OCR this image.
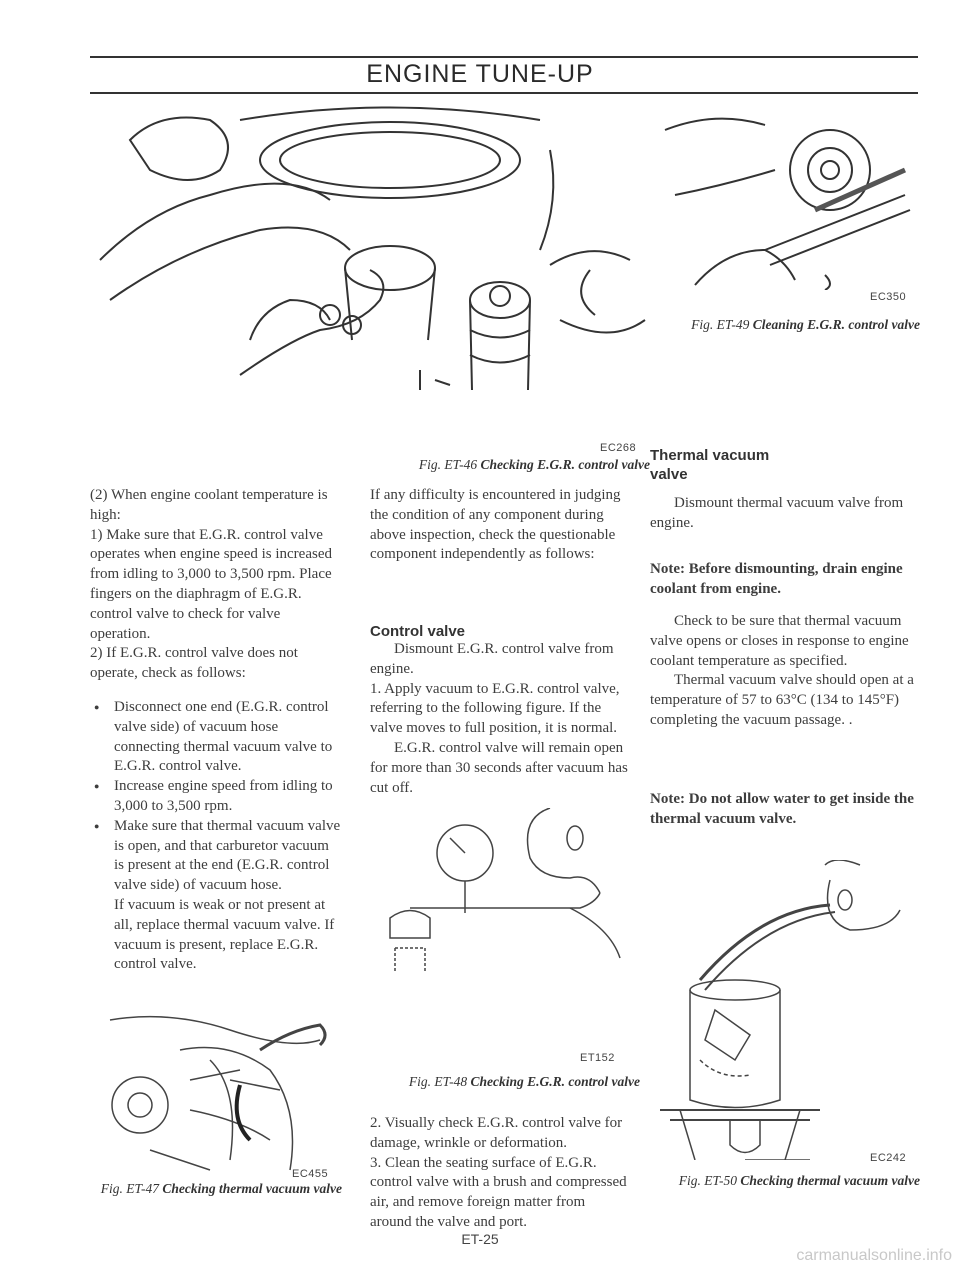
ENGINE TUNE-UP
EC268
Fig. ET-46 Checking E.G.R. control valve
EC350
Fig. ET-49 Cleaning E.G.R. control valve

(2) When engine coolant temperature is high:

1) Make sure that E.G.R. control valve operates when engine speed is increased from idling to 3,000 to 3,500 rpm. Place fingers on the diaphragm of E.G.R. control valve to check for valve operation.

2) If E.G.R. control valve does not operate, check as follows:

● Disconnect one end (E.G.R. control valve side) of vacuum hose connecting thermal vacuum valve to E.G.R. control valve.

● Increase engine speed from idling to 3,000 to 3,500 rpm.

● Make sure that thermal vacuum valve is open, and that carburetor vacuum is present at the end (E.G.R. control valve side) of vacuum hose.

If vacuum is weak or not present at all, replace thermal vacuum valve. If vacuum is present, replace E.G.R. control valve.

EC455
Fig. ET-47 Checking thermal vacuum valve
If any difficulty is encountered in judging the condition of any component during above inspection, check the questionable component independently as follows:
Control valve

Dismount E.G.R. control valve from engine.

1. Apply vacuum to E.G.R. control valve, referring to the following figure. If the valve moves to full position, it is normal.

E.G.R. control valve will remain open for more than 30 seconds after vacuum has cut off.

ET152
Fig. ET-48 Checking E.G.R. control valve

2. Visually check E.G.R. control valve for damage, wrinkle or deformation.

3. Clean the seating surface of E.G.R. control valve with a brush and compressed air, and remove foreign matter from around the valve and port.

Thermal vacuum valve
Dismount thermal vacuum valve from engine.
Note: Before dismounting, drain engine coolant from engine.

Check to be sure that thermal vacuum valve opens or closes in response to engine coolant temperature as specified.

Thermal vacuum valve should open at a temperature of 57 to 63°C (134 to 145°F) completing the vacuum passage. .

Note: Do not allow water to get inside the thermal vacuum valve.
EC242
Fig. ET-50 Checking thermal vacuum valve
ET-25
carmanualsonline.info
